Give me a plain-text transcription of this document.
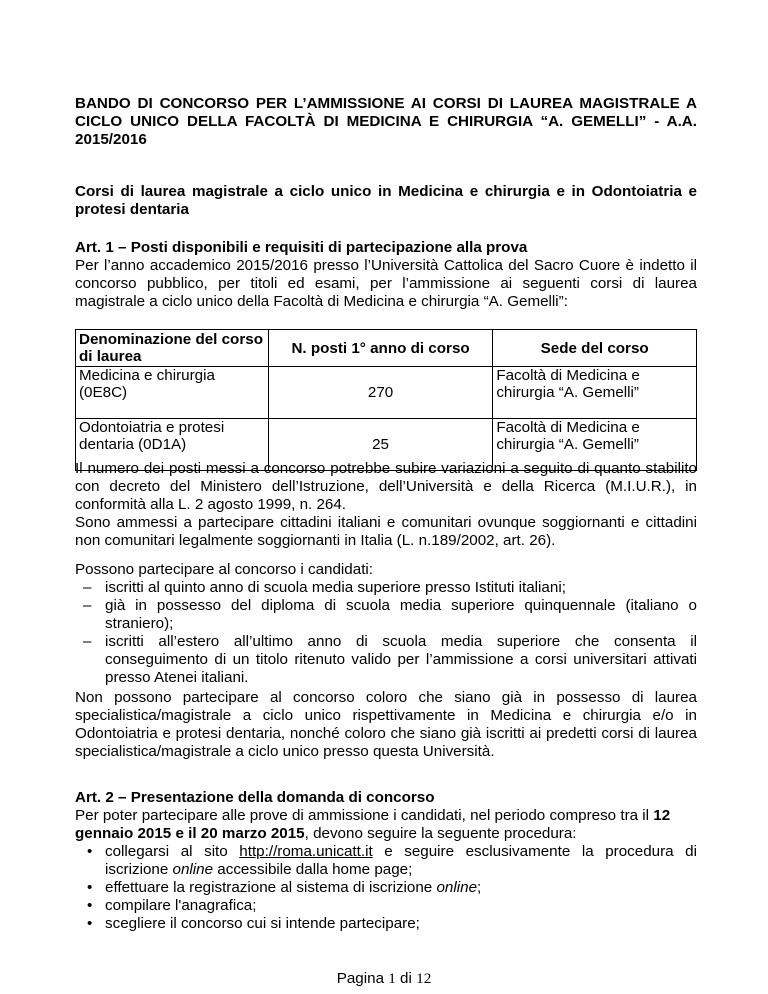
BANDO DI CONCORSO PER L’AMMISSIONE AI CORSI DI LAUREA MAGISTRALE A CICLO UNICO DELLA FACOLTÀ DI MEDICINA E CHIRURGIA “A. GEMELLI” - A.A. 2015/2016
Corsi di laurea magistrale a ciclo unico in Medicina e chirurgia e in Odontoiatria e protesi dentaria
Art. 1 – Posti disponibili e requisiti di partecipazione alla prova

Per l’anno accademico 2015/2016 presso l’Università Cattolica del Sacro Cuore è indetto il concorso pubblico, per titoli ed esami, per l’ammissione ai seguenti corsi di laurea magistrale a ciclo unico della Facoltà di Medicina e chirurgia “A. Gemelli”:

Denominazione del corso di laurea	N. posti 1° anno di corso	Sede del corso
Medicina e chirurgia (0E8C)	270	Facoltà di Medicina e chirurgia “A. Gemelli”
Odontoiatria e protesi dentaria (0D1A)	25	Facoltà di Medicina e chirurgia “A. Gemelli”

Il numero dei posti messi a concorso potrebbe subire variazioni a seguito di quanto stabilito con decreto del Ministero dell’Istruzione, dell’Università e della Ricerca (M.I.U.R.), in conformità alla L. 2 agosto 1999, n. 264.

Sono ammessi a partecipare cittadini italiani e comunitari ovunque soggiornanti e cittadini non comunitari legalmente soggiornanti in Italia (L. n.189/2002, art. 26).

Possono partecipare al concorso i candidati:

– iscritti al quinto anno di scuola media superiore presso Istituti italiani;
– già in possesso del diploma di scuola media superiore quinquennale (italiano o straniero);
– iscritti all’estero all’ultimo anno di scuola media superiore che consenta il conseguimento di un titolo ritenuto valido per l’ammissione a corsi universitari attivati presso Atenei italiani.

Non possono partecipare al concorso coloro che siano già in possesso di laurea specialistica/magistrale a ciclo unico rispettivamente in Medicina e chirurgia e/o in Odontoiatria e protesi dentaria, nonché coloro che siano già iscritti ai predetti corsi di laurea specialistica/magistrale a ciclo unico presso questa Università.

Art. 2 – Presentazione della domanda di concorso

Per poter partecipare alle prove di ammissione i candidati, nel periodo compreso tra il 12 gennaio 2015 e il 20 marzo 2015, devono seguire la seguente procedura:

• collegarsi al sito http://roma.unicatt.it e seguire esclusivamente la procedura di iscrizione online accessibile dalla home page;
• effettuare la registrazione al sistema di iscrizione online;
• compilare l'anagrafica;
• scegliere il concorso cui si intende partecipare;
Pagina 1 di 12
